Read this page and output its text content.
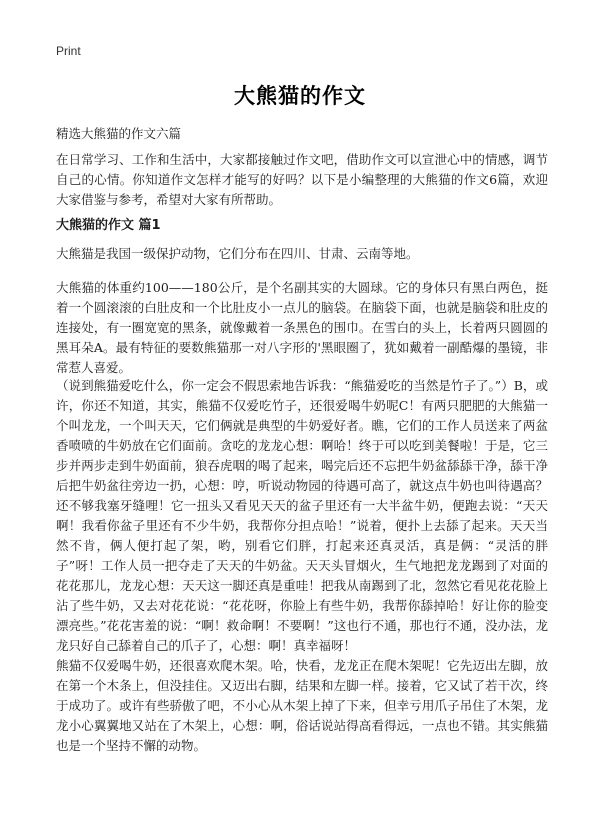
Print
大熊猫的作文
精选大熊猫的作文六篇
在日常学习、工作和生活中，大家都接触过作文吧，借助作文可以宣泄心中的情感，调节自己的心情。你知道作文怎样才能写的好吗？以下是小编整理的大熊猫的作文6篇，欢迎大家借鉴与参考，希望对大家有所帮助。
大熊猫的作文 篇1
大熊猫是我国一级保护动物，它们分布在四川、甘肃、云南等地。
大熊猫的体重约100——180公斤，是个名副其实的大圆球。它的身体只有黑白两色，挺着一个圆滚滚的白肚皮和一个比肚皮小一点儿的脑袋。在脑袋下面，也就是脑袋和肚皮的连接处，有一圈宽宽的黑条，就像戴着一条黑色的围巾。在雪白的头上，长着两只圆圆的黑耳朵A。最有特征的要数熊猫那一对八字形的'黑眼圈了，犹如戴着一副酷爆的墨镜，非常惹人喜爱。
（说到熊猫爱吃什么，你一定会不假思索地告诉我：“熊猫爱吃的当然是竹子了。”）B，或许，你还不知道，其实，熊猫不仅爱吃竹子，还很爱喝牛奶呢C！有两只肥肥的大熊猫一个叫龙龙，一个叫天天，它们俩就是典型的牛奶爱好者。瞧，它们的工作人员送来了两盆香喷喷的牛奶放在它们面前。贪吃的龙龙心想：啊哈！终于可以吃到美餐啦！于是，它三步并两步走到牛奶面前，狼吞虎咽的喝了起来，喝完后还不忘把牛奶盆舔舔干净，舔干净后把牛奶盆往旁边一扔，心想：哼，听说动物园的待遇可高了，就这点牛奶也叫待遇高？还不够我塞牙缝哩！它一扭头又看见天天的盆子里还有一大半盆牛奶，便跑去说：“天天啊！我看你盆子里还有不少牛奶，我帮你分担点哈！”说着，便扑上去舔了起来。天天当然不肯，俩人便打起了架，哟，别看它们胖，打起来还真灵活，真是俩：“灵活的胖子”呀！工作人员一把夺走了天天的牛奶盆。天天头冒烟火，生气地把龙龙踢到了对面的花花那儿，龙龙心想：天天这一脚还真是重哇！把我从南踢到了北，忽然它看见花花脸上沾了些牛奶，又去对花花说：“花花呀，你脸上有些牛奶，我帮你舔掉哈！好让你的脸变漂亮些。”花花害羞的说：“啊！救命啊！不要啊！”这也行不通，那也行不通，没办法，龙龙只好自己舔着自己的爪子了，心想：啊！真幸福呀！
熊猫不仅爱喝牛奶，还很喜欢爬木架。哈，快看，龙龙正在爬木架呢！它先迈出左脚，放在第一个木条上，但没挂住。又迈出右脚，结果和左脚一样。接着，它又试了若干次，终于成功了。或许有些骄傲了吧，不小心从木架上掉了下来，但幸亏用爪子吊住了木架，龙龙小心翼翼地又站在了木架上，心想：啊，俗话说站得高看得远，一点也不错。其实熊猫也是一个坚持不懈的动物。
